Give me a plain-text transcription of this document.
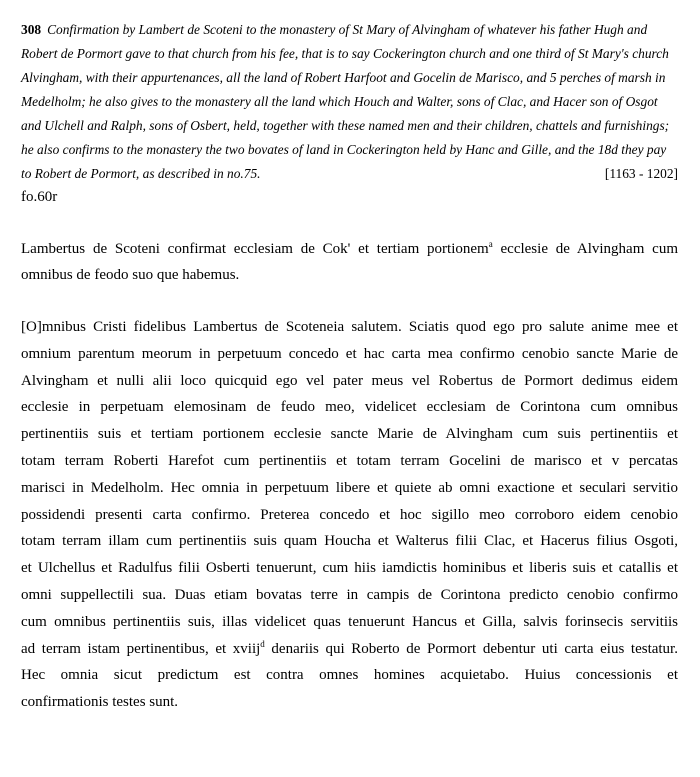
308 Confirmation by Lambert de Scoteni to the monastery of St Mary of Alvingham of whatever his father Hugh and
Robert de Pormort gave to that church from his fee, that is to say Cockerington church and one third of St Mary's church
Alvingham, with their appurtenances, all the land of Robert Harfoot and Gocelin de Marisco, and 5 perches of marsh in
Medelholm; he also gives to the monastery all the land which Houch and Walter, sons of Clac, and Hacer son of Osgot
and Ulchell and Ralph, sons of Osbert, held, together with these named men and their children, chattels and furnishings;
he also confirms to the monastery the two bovates of land in Cockerington held by Hanc and Gille, and the 18d they pay
to Robert de Pormort, as described in no.75.	[1163 - 1202]

fo.60r

Lambertus de Scoteni confirmat ecclesiam de Cok' et tertiam portionem$^a$ ecclesie de Alvingham cum
omnibus de feodo suo que habemus.

[O]mnibus Cristi fidelibus Lambertus de Scoteneia salutem. Sciatis quod ego pro salute anime mee et
omnium parentum meorum in perpetuum concedo et hac carta mea confirmo cenobio sancte Marie de
Alvingham et nulli alii loco quicquid ego vel pater meus vel Robertus de Pormort dedimus eidem
ecclesie in perpetuam elemosinam de feudo meo, videlicet ecclesiam de Corintona cum omnibus
pertinentiis suis et tertiam portionem ecclesie sancte Marie de Alvingham cum suis pertinentiis et
totam terram Roberti Harefot cum pertinentiis et totam terram Gocelini de marisco et v percatas
marisci in Medelholm. Hec omnia in perpetuum libere et quiete ab omni exactione et seculari servitio
possidendi presenti carta confirmo. Preterea concedo et hoc sigillo meo corroboro eidem cenobio
totam terram illam cum pertinentiis suis quam Houcha et Walterus filii Clac, et Hacerus filius Osgoti,
et Ulchellus et Radulfus filii Osberti tenuerunt, cum hiis iamdictis hominibus et liberis suis et catallis et
omni suppellectili sua. Duas etiam bovatas terre in campis de Corintona predicto cenobio confirmo
cum omnibus pertinentiis suis, illas videlicet quas tenuerunt Hancus et Gilla, salvis forinsecis servitiis
ad terram istam pertinentibus, et xviij$^d$ denariis qui Roberto de Pormort debentur uti carta eius testatur.
Hec omnia sicut predictum est contra omnes homines acquietabo. Huius concessionis et
confirmationis testes sunt.
